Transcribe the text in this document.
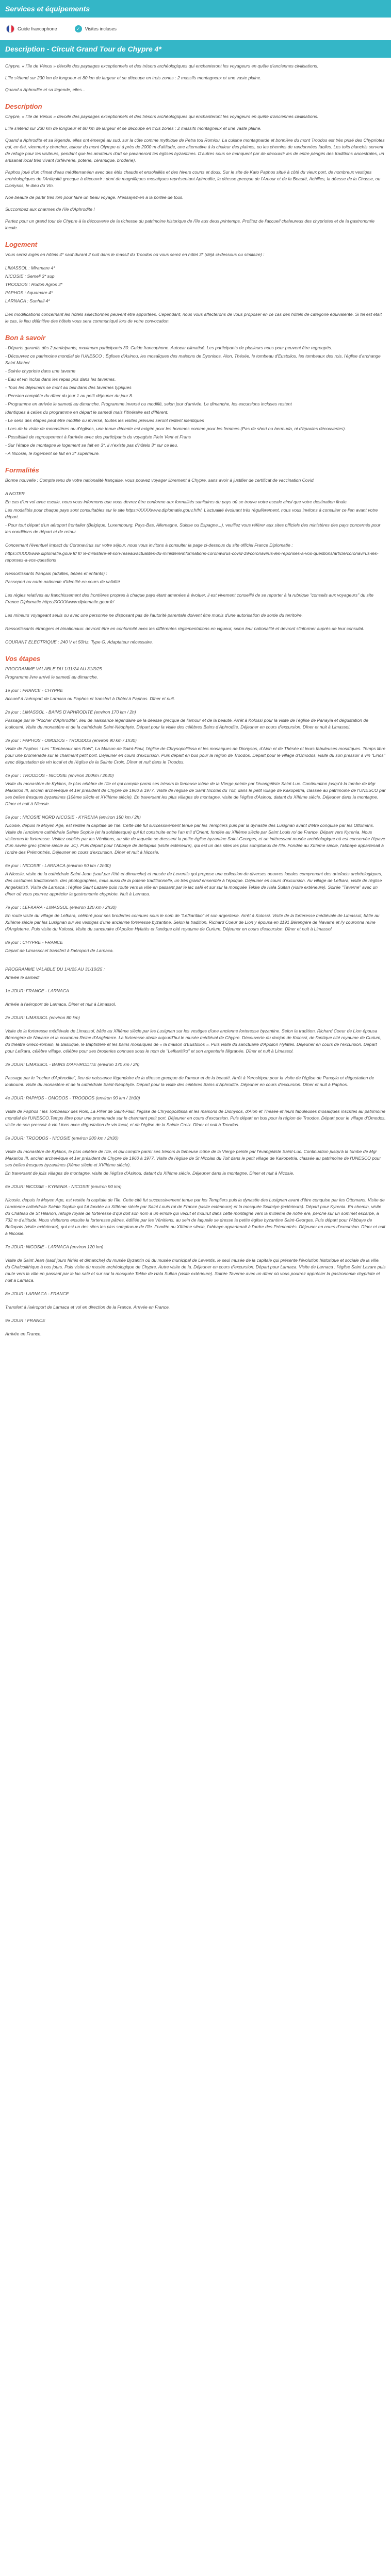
Services et équipements
Guide francophone	✓	Visites incluses
Description - Circuit Grand Tour de Chypre 4*

Chypre, « l'île de Vénus » dévoile des paysages exceptionnels et des trésors archéologiques qui enchanteront les voyageurs en quête d'anciennes civilisations.

L'île s'étend sur 230 km de longueur et 80 km de largeur et se découpe en trois zones : 2 massifs montagneux et une vaste plaine.

Quand a Aphrodite et sa légende, elles...

Description

Chypre, « l'île de Vénus » dévoile des paysages exceptionnels et des trésors archéologiques qui enchanteront les voyageurs en quête d'anciennes civilisations.

L'île s'étend sur 230 km de longueur et 80 km de largeur et se découpe en trois zones : 2 massifs montagneux et une vaste plaine.

Quand a Aphrodite et sa légende, elles ont émergé au sud, sur la côte comme mythique de Petra tou Romiou. La cuisine montagnarde et bonnière du mont Troodos est très prisé des Chypriotes qui, en été, viennent y chercher, autour du mont Olympe et à près de 2000 m d'altitude, une alternative à la chaleur des plaines, ou les chemins de randonnées faciles. Les toits blanchis servent de refuge pour les visiteurs, pendant que les amateurs d'art se pavaneront les églises byzantines. D'autres sous se manquent par de découvrir les de entre périgés des traditions ancestrales, un artisanat local très vivant (orfèvrerie, poterie, céramique, broderie).

Paphos joué d'un climat d'eau méditerranéen avec des étés chauds et ensoleillés et des hivers courts et doux. Sur le site de Kato Paphos situé à côté du vieux port, de nombreux vestiges archéologiques de l'Antiquité grecque à découvrir : dont de magnifiques mosaïques représentant Aphrodite, la déesse grecque de l'Amour et de la Beauté, Achilles, la déesse de la Chasse, ou Dionysos, le dieu du Vin.

Noé beauté de partir très loin pour faire un beau voyage. N'essayez-en à la portée de tous.

Succombez aux charmes de l'île d'Aphrodite !

Partez pour un grand tour de Chypre à la découverte de la richesse du patrimoine historique de l'île aux deux printemps. Profitez de l'accueil chaleureux des chypriotes et de la gastronomie locale.

Logement
Vous serez logés en hôtels 4* sauf durant 2 nuit dans le massif du Troodos où vous serez en hôtel 3* (déjà ci-dessous ou similaire) :
LIMASSOL : Miramare 4*
NICOSIE : Semeli 3* sup
TROODOS : Rodon Agros 3*
PAPHOS : Aquamare 4*
LARNACA : Sunhall 4*
Des modifications concernant les hôtels sélectionnés peuvent être apportées. Cependant, nous vous affecterons de vous proposer en ce cas des hôtels de catégorie équivalente. Si tel est était le cas, le lieu définitive des hôtels vous sera communiqué lors de votre convocation.
Bon à savoir
- Départs garantis dès 2 participants, maximum participants 30. Guide francophone. Autocar climatisé. Les participants de plusieurs nous pour peuvent être regroupés.
- Découvrez ce patrimoine mondial de l'UNESCO : Églises d'Asinou, les mosaïques des maisons de Dyonisos, Aion, Thésée, le tombeau d'Eustolios, les tombeaux des rois, l'église d'archange Saint Michel
- Soirée chypriote dans une taverne
- Eau et vin inclus dans les repas pris dans les tavernes.
- Tous les déjeuners se mont au bell dans des tavernes typiques
- Pension complète du dîner du jour 1 au petit déjeuner du jour 8.
- Programme en arrivée le samedi au dimanche. Programme inversé ou modifié, selon jour d'arrivée. Le dimanche, les excursions incluses restent
Identiques à celles du programme en départ le samedi mais l'itinéraire est différent.
- Le sens des étapes peut être modifié ou inversé, toutes les visites prévues seront restent identiques
- Lors de la visite de monastères ou d'églises, une tenue décente est exigée pour les hommes comme pour les femmes (Pas de short ou bermuda, ni d'épaules découvertes).
- Possibilité de regroupement à l'arrivée avec des participants du voyagiste Plein Vent et Frans
- Sur l'étape de montagne le logement se fait en 3*, il n'existe pas d'hôtels 3* sur ce lieu.
- A Nicosie, le logement se fait en 3* supérieure.
Formalités
Bonne nouvelle : Compte tenu de votre nationalité française, vous pouvez voyager librement à Chypre, sans avoir à justifier de certificat de vaccination Covid.
A NOTER
En cas d'un vol avec escale, nous vous informons que vous devrez être conforme aux formalités sanitaires du pays où se trouve votre escale ainsi que votre destination finale.
Les modalités pour chaque pays sont consultables sur le site https://XXXXwww.diplomatie.gouv.fr/fr/. L'actualité évoluant très régulièrement, nous vous invitons à consulter ce lien avant votre départ.
- Pour tout départ d'un aéroport frontalier (Belgique, Luxembourg, Pays-Bas, Allemagne, Suisse ou Espagne...), veuillez vous référer aux sites officiels des ministères des pays concernés pour les conditions de départ et de retour.
Concernant l'éventuel impact du Coronavirus sur votre séjour, nous vous invitons à consulter la page ci-dessous du site officiel France Diplomatie :
https://XXXXwww.diplomatie.gouv.fr/ fr/ le-ministere-et-son-reseau/actualites-du-ministere/informations-coronavirus-covid-19/coronavirus-les-reponses-a-vos-questions/article/coronavirus-les-reponses-a-vos-questions
Ressortissants français (adultes, bébés et enfants) :
Passeport ou carte nationale d'identité en cours de validité
Les règles relatives au franchissement des frontières propres à chaque pays étant amenées à évoluer, il est vivement conseillé de se reporter à la rubrique "conseils aux voyageurs" du site France Diplomatie https://XXXXwww.diplomatie.gouv.fr/
Les mineurs voyageant seuls ou avec une personne ne disposant pas de l'autorité parentale doivent être munis d'une autorisation de sortie du territoire.
Ressortissants étrangers et binationaux: devront être en conformité avec les différentes réglementations en vigueur, selon leur nationalité et devront s'informer auprès de leur consulat.
COURANT ELECTRIQUE : 240 V et 50Hz. Type G. Adaptateur nécessaire.
Vos étapes
PROGRAMME VALABLE DU 1/11/24 AU 31/3/25
Programme livre arrivé le samedi au dimanche.
1e jour : FRANCE - CHYPRE
Accueil à l'aéroport de Larnaca ou Paphos et transfert à l'hôtel à Paphos. Dîner et nuit.
2e jour : LIMASSOL - BAINS D'APHRODITE (environ 170 km / 2h)
Passage par le "Rocher d'Aphrodite", lieu de naissance légendaire de la déesse grecque de l'amour et de la beauté. Arrêt à Kolossi pour la visite de l'église de Panayia et dégustation de loukoumi. Visite du monastère et de la cathédrale Saint-Néophyte. Départ pour la visite des célèbres Bains d'Aphrodite. Déjeuner en cours d'excursion. Dîner et nuit à Limassol.
3e jour : PAPHOS - OMODOS - TROODOS (environ 90 km / 1h30)
Visite de Paphos : Les "Tombeaux des Rois", La Maison de Saint-Paul, l'église de Chrysopolitissa et les mosaïques de Dionysos, d'Aion et de Thésée et leurs fabuleuses mosaïques. Temps libre pour une promenade sur le charmant petit port. Déjeuner en cours d'excursion. Puis départ en bus pour la région de Troodos. Départ pour le village d'Omodos, visite du son pressoir à vin "Linos" avec dégustation de vin local et de l'église de la Sainte Croix. Dîner et nuit dans le Troodos.
4e jour : TROODOS - NICOSIE (environ 200km / 2h30)
Visite du monastère de Kykkos, le plus célèbre de l'île et qui compte parmi ses trésors la fameuse icône de la Vierge peinte par l'évangéliste Saint-Luc. Continuation jusqu'à la tombe de Mgr Makarios III, ancien archevêque et 1er président de Chypre de 1960 à 1977. Visite de l'église de Saint Nicolas du Toit, dans le petit village de Kakopetria, classée au patrimoine de l'UNESCO par ses belles fresques byzantines (10ème siècle et XVIIème siècle). En traversant les plus villages de montagne, visite de l'église d'Asinou, datant du XIIème siècle. Déjeuner dans la montagne. Dîner et nuit à Nicosie.
5e jour : NICOSIE NORD NICOSIE - KYRENIA (environ 150 km / 2h)
Nicosie, depuis le Moyen Age, est restée la capitale de l'île. Cette cité fut successivement tenue par les Templiers puis par la dynastie des Lusignan avant d'être conquise par les Ottomans. Visite de l'ancienne cathédrale Sainte Sophie (et la soldatesque) qui fut construite entre l'an mil d'Orient, fondée au XIIIème siècle par Saint Louis roi de France. Départ vers Kyrenia. Nous visiterons le forteresse. Visitez oubliés par les Vénitiens, au site de laquelle se dressent la petite église byzantine Saint-Georges, et un intéressant musée archéologique où est conservée l'épave d'un navire grec (4ème siècle av. JC). Puis départ pour l'Abbaye de Bellapais (visite extérieure), qui est un des sites les plus somptueux de l'île. Fondée au XIIIème siècle, l'abbaye appartenait à l'ordre des Prémontrés. Déjeuner en cours d'excursion. Dîner et nuit à Nicosie.
6e jour : NICOSIE - LARNACA (environ 90 km / 2h30)
A Nicosie, visite de la cathédrale Saint-Jean (sauf par l'été et dimanche) et musée de Leventis qui propose une collection de diverses oeuvres locales comprenant des artefacts archéologiques, des costumes traditionnels, des photographies, mais aussi de la poterie traditionnelle, un très grand ensemble à l'époque. Déjeuner en cours d'excursion. Au village de Lefkara, visite de l'église Angeloktisti. Visite de Larnaca : l'église Saint Lazare puis route vers la ville en passant par le lac salé et sur sur la mosquée Tekke de Hala Sultan (visite extérieure). Soirée "Taverne" avec un dîner où vous pourrez apprécier la gastronomie chypriote. Nuit à Larnaca.
7e jour : LEFKARA - LIMASSOL (environ 120 km / 2h30)
En route visite du village de Lefkara, célébré pour ses broderies connues sous le nom de "Lefkaritiko" et son argenterie. Arrêt à Kolossi. Visite de la forteresse médiévale de Limassol, bâtie au XIIIème siècle par les Lusignan sur les vestiges d'une ancienne forteresse byzantine. Selon la tradition, Richard Coeur de Lion y épousa en 1191 Bérengère de Navarre et l'y couronna reine d'Angleterre. Puis visite du Kolossi. Visite du sanctuaire d'Apollon Hylatès et l'antique cité royaume de Curium. Déjeuner en cours d'excursion. Dîner et nuit à Limassol.
8e jour : CHYPRE - FRANCE
Départ de Limassol et transfert à l'aéroport de Larnaca.
PROGRAMME VALABLE DU 1/4/25 AU 31/10/25 :
Arrivée le samedi
1e JOUR: FRANCE - LARNACA
Arrivée à l'aéroport de Larnaca. Dîner et nuit à Limassol.
2e JOUR: LIMASSOL (environ 80 km)
Visite de la forteresse médiévale de Limassol, bâtie au XIIIème siècle par les Lusignan sur les vestiges d'une ancienne forteresse byzantine. Selon la tradition, Richard Coeur de Lion épousa Bérengère de Navarre et la couronna Reine d'Angleterre. La forteresse abrite aujourd'hui le musée médiéval de Chypre. Découverte du donjon de Kolossi, de l'antique cité royaume de Curium, du théâtre Greco-romain, la Basilique, le Baptistère et les bains mosaïques de « la maison d'Eustolios ». Puis visite du sanctuaire d'Apollon Hylatès. Déjeuner en cours de l'excursion. Départ pour Lefkara, célèbre village, célèbre pour ses broderies connues sous le nom de "Lefkaritiko" et son argenterie filigranée. Dîner et nuit à Limassol.
3e JOUR: LIMASSOL - BAINS D'APHRODITE (environ 170 km / 2h)
Passage par le "rocher d'Aphrodite", lieu de naissance légendaire de la déesse grecque de l'amour et de la beauté. Arrêt à Yeroskipou pour la visite de l'église de Panayia et dégustation de loukoumi. Visite du monastère et de la cathédrale Saint-Néophyte. Départ pour la visite des célèbres Bains d'Aphrodite. Déjeuner en cours d'excursion. Dîner et nuit à Paphos.
4e JOUR: PAPHOS - OMODOS - TROODOS (environ 90 km / 1h30)
Visite de Paphos : les Tombeaux des Rois, La Pilier de Saint-Paul, l'église de Chrysopolitissa et les maisons de Dionysos, d'Aion et Thésée et leurs fabuleuses mosaïques inscrites au patrimoine mondial de l'UNESCO.Temps libre pour une promenade sur le charmant petit port. Déjeuner en cours d'excursion. Puis départ en bus pour la région de Troodos. Départ pour le village d'Omodos, visite de son pressoir à vin Linos avec dégustation de vin local, et de l'église de la Sainte Croix. Dîner et nuit à Troodos.
5e JOUR: TROODOS - NICOSIE (environ 200 km / 2h30)
Visite du monastère de Kykkos, le plus célèbre de l'île, et qui compte parmi ses trésors la fameuse icône de la Vierge peinte par l'évangéliste Saint-Luc. Continuation jusqu'à la tombe de Mgr Makarios III, ancien archevêque et 1er président de Chypre de 1960 à 1977. Visite de l'église de St Nicolas du Toit dans le petit village de Kakopetria, classée au patrimoine de l'UNESCO pour ses belles fresques byzantines (Xème siècle et XVIIème siècle).
En traversant de jolis villages de montagne, visite de l'église d'Asinou, datant du XIIème siècle. Déjeuner dans la montagne. Dîner et nuit à Nicosie.
6e JOUR: NICOSIE - KYRENIA - NICOSIE (environ 90 km)
Nicosie, depuis le Moyen Age, est restée la capitale de l'île. Cette cité fut successivement tenue par les Templiers puis la dynastie des Lusignan avant d'être conquise par les Ottomans. Visite de l'ancienne cathédrale Sainte Sophie qui fut fondée au XIIIème siècle par Saint Louis roi de France (visite extérieure) et la mosquée Selimiye (extérieurs). Départ pour Kyrenia. En chemin, visite du Château de St Hilarion, refuge royale de forteresse d'qui doit son nom à un ermite qui vécut et mourut dans cette montagne vers la millième de notre ère, perché sur un sommet escarpé, à 732 m d'altitude. Nous visiterons ensuite la forteresse pâtres, édifiée par les Vénitiens, au sein de laquelle se dresse la petite église byzantine Saint-Georges. Puis départ pour l'Abbaye de Bellapais (visite extérieure), qui est un des sites les plus somptueux de l'île. Fondée au XIIIème siècle, l'abbaye appartenait à l'ordre des Prémontrés. Déjeuner en cours d'excursion. Dîner et nuit à Nicosie.
7e JOUR: NICOSIE - LARNACA (environ 120 km)
Visite de Saint Jean (sauf jours fériés et dimanche) du musée Byzantin où du musée municipal de Leventis, le seul musée de la capitale qui présente l'évolution historique et sociale de la ville, du Chalcolithique à nos jours. Puis visite du musée archéologique de Chypre. Autre visite de la. Déjeuner en cours d'excursion. Départ pour Larnaca. Visite de Larnaca : l'église Saint Lazare puis route vers la ville en passant par le lac salé et sur sur la mosquée Tekke de Hala Sultan (visite extérieure). Soirée Taverne avec un dîner où vous pourrez apprécier la gastronomie chypriote et nuit à Larnaca.
8e JOUR: LARNACA - FRANCE
Transfert à l'aéroport de Larnaca et vol en direction de la France. Arrivée en France.
9e JOUR : FRANCE
Arrivée en France.
